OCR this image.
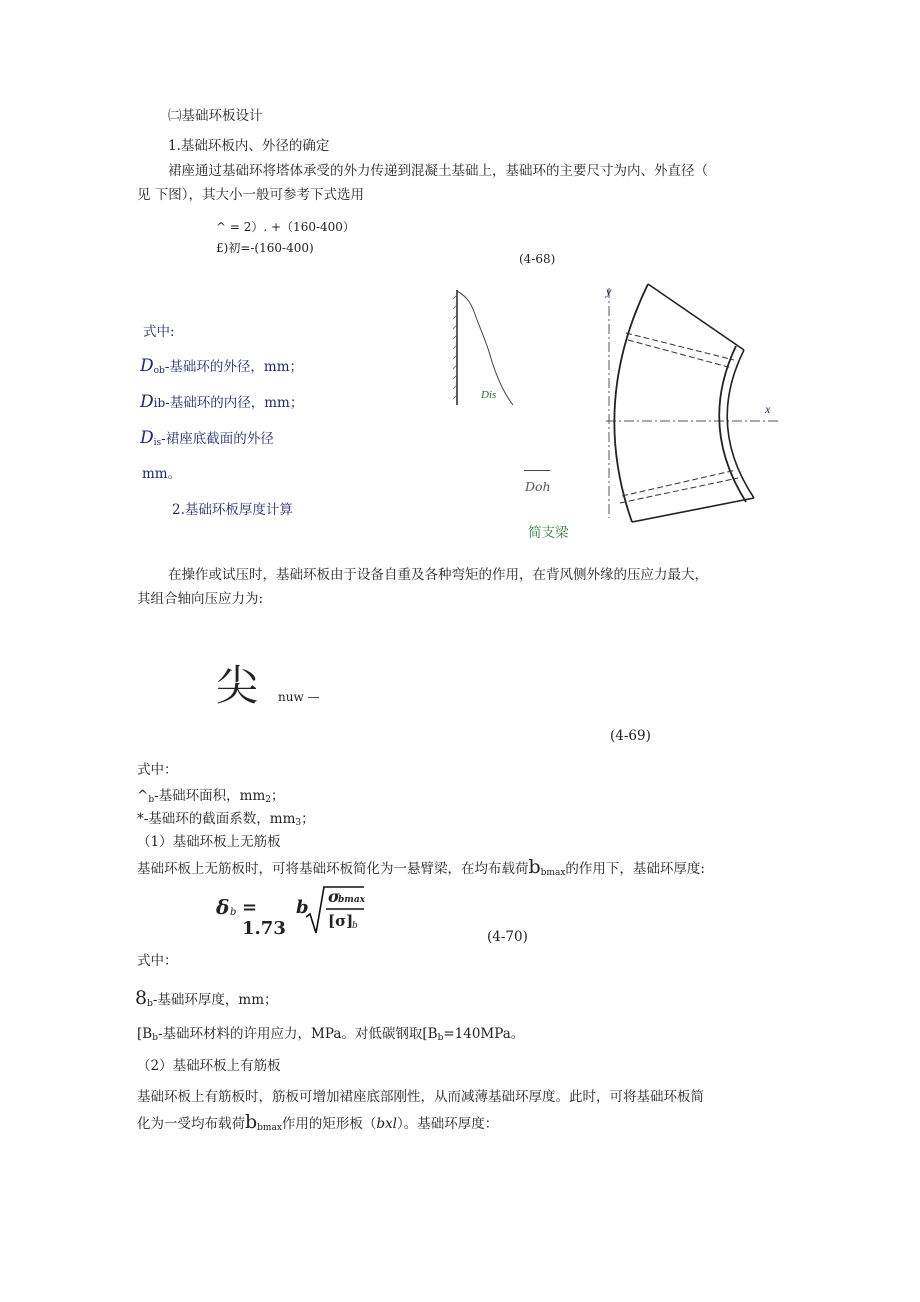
㈡基础环板设计
1.基础环板内、外径的确定
裙座通过基础环将塔体承受的外力传递到混凝土基础上，基础环的主要尺寸为内、外直径（
见 下图），其大小一般可参考下式选用
^ = 2）. +（160-400）
£)初=-(160-400)
(4-68)
式中:
$D_{ob}-$基础环的外径，mm；
Dib-基础环的内径，mm；
$D_{is}-$裙座底截面的外径
mm。
2.基础环板厚度计算
Dis
y
x
Doh
简支梁
在操作或试压时，基础环板由于设备自重及各种弯矩的作用，在背风侧外缘的压应力最大，
其组合轴向压应力为:
尖 nuw —
(4-69)
式中：
$\^{}_b-$基础环面积，$mm_2$；
*-基础环的截面系数，$mm_3$；
（1）基础环板上无筋板
基础环板上无筋板时，可将基础环板简化为一悬臂梁，在均布载荷$b_{bmax}$的作用下，基础环厚度:
δ b = 1.73
b
σ
bmax
[σ]
b
(4-70)
式中：
$8_b-$基础环厚度，mm；
[$B_b-$基础环材料的许用应力，MPa。对低碳钢取[$B_b=140MPa$。
（2）基础环板上有筋板
基础环板上有筋板时，筋板可增加裙座底部刚性，从而减薄基础环厚度。此时，可将基础环板简
化为一受均布载荷$b_{bmax}$作用的矩形板（bxl）。基础环厚度：
